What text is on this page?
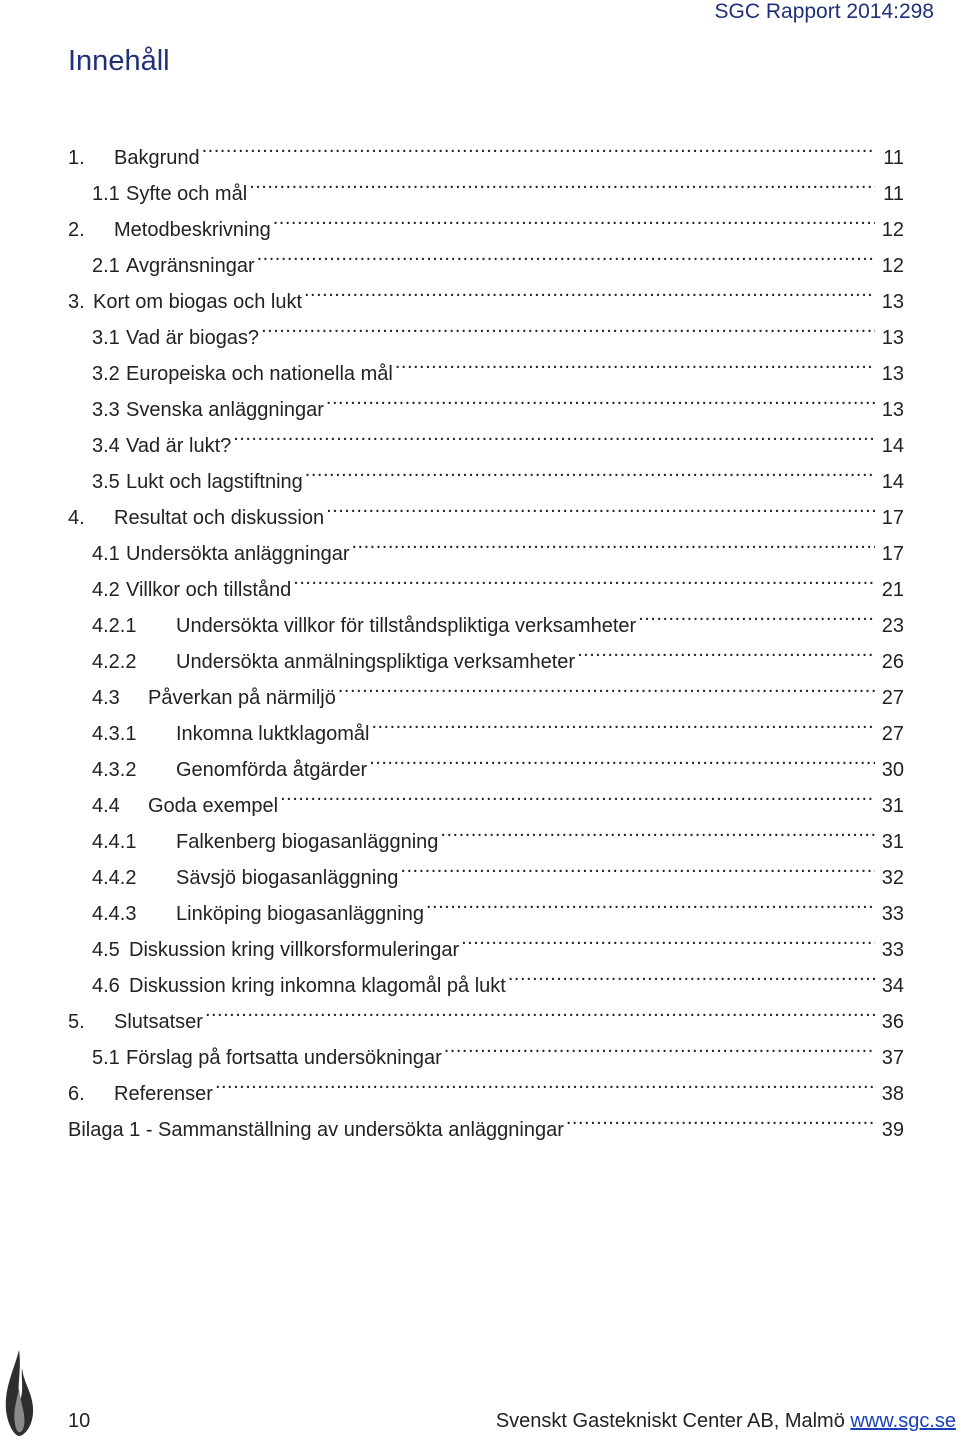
SGC Rapport 2014:298
Innehåll
1.	Bakgrund .....	11
1.1 Syfte och mål .....	11
2.	Metodbeskrivning .....	12
2.1 Avgränsningar .....	12
3. Kort om biogas och lukt .....	13
3.1 Vad är biogas? .....	13
3.2 Europeiska och nationella mål .....	13
3.3 Svenska anläggningar .....	13
3.4 Vad är lukt? .....	14
3.5 Lukt och lagstiftning .....	14
4.	Resultat och diskussion .....	17
4.1 Undersökta anläggningar .....	17
4.2 Villkor och tillstånd .....	21
4.2.1	Undersökta villkor för tillståndspliktiga verksamheter .....	23
4.2.2	Undersökta anmälningspliktiga verksamheter .....	26
4.3	Påverkan på närmiljö .....	27
4.3.1	Inkomna luktklagomål .....	27
4.3.2	Genomförda åtgärder .....	30
4.4	Goda exempel .....	31
4.4.1	Falkenberg biogasanläggning .....	31
4.4.2	Sävsjö biogasanläggning .....	32
4.4.3	Linköping biogasanläggning .....	33
4.5 Diskussion kring villkorsformuleringar .....	33
4.6 Diskussion kring inkomna klagomål på lukt .....	34
5.	Slutsatser .....	36
5.1 Förslag på fortsatta undersökningar .....	37
6.	Referenser .....	38
Bilaga 1 - Sammanställning av undersökta anläggningar .....	39
10	Svenskt Gastekniskt Center AB, Malmö www.sgc.se
